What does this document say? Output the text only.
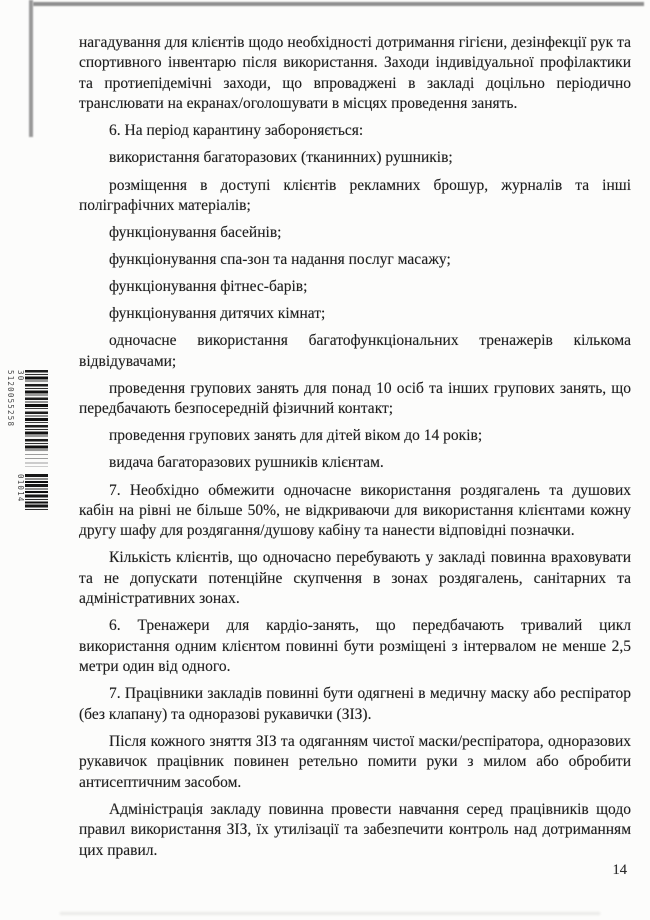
30
5120055258
01014

нагадування для клієнтів щодо необхідності дотримання гігієни, дезінфекції рук та спортивного інвентарю після використання. Заходи індивідуальної профілактики та протиепідемічні заходи, що впроваджені в закладі доцільно періодично транслювати на екранах/оголошувати в місцях проведення занять.

6. На період карантину забороняється:

використання багаторазових (тканинних) рушників;

розміщення в доступі клієнтів рекламних брошур, журналів та інші поліграфічних матеріалів;

функціонування басейнів;

функціонування спа-зон та надання послуг масажу;

функціонування фітнес-барів;

функціонування дитячих кімнат;

одночасне використання багатофункціональних тренажерів кількома відвідувачами;

проведення групових занять для понад 10 осіб та інших групових занять, що передбачають безпосередній фізичний контакт;

проведення групових занять для дітей віком до 14 років;

видача багаторазових рушників клієнтам.

7. Необхідно обмежити одночасне використання роздягалень та душових кабін на рівні не більше 50%, не відкриваючи для використання клієнтами кожну другу шафу для роздягання/душову кабіну та нанести відповідні позначки.

Кількість клієнтів, що одночасно перебувають у закладі повинна враховувати та не допускати потенційне скупчення в зонах роздягалень, санітарних та адміністративних зонах.

6. Тренажери для кардіо-занять, що передбачають тривалий цикл використання одним клієнтом повинні бути розміщені з інтервалом не менше 2,5 метри один від одного.

7. Працівники закладів повинні бути одягнені в медичну маску або респіратор (без клапану) та одноразові рукавички (ЗІЗ).

Після кожного зняття ЗІЗ та одяганням чистої маски/респіратора, одноразових рукавичок працівник повинен ретельно помити руки з милом або обробити антисептичним засобом.

Адміністрація закладу повинна провести навчання серед працівників щодо правил використання ЗІЗ, їх утилізації та забезпечити контроль над дотриманням цих правил.

14
